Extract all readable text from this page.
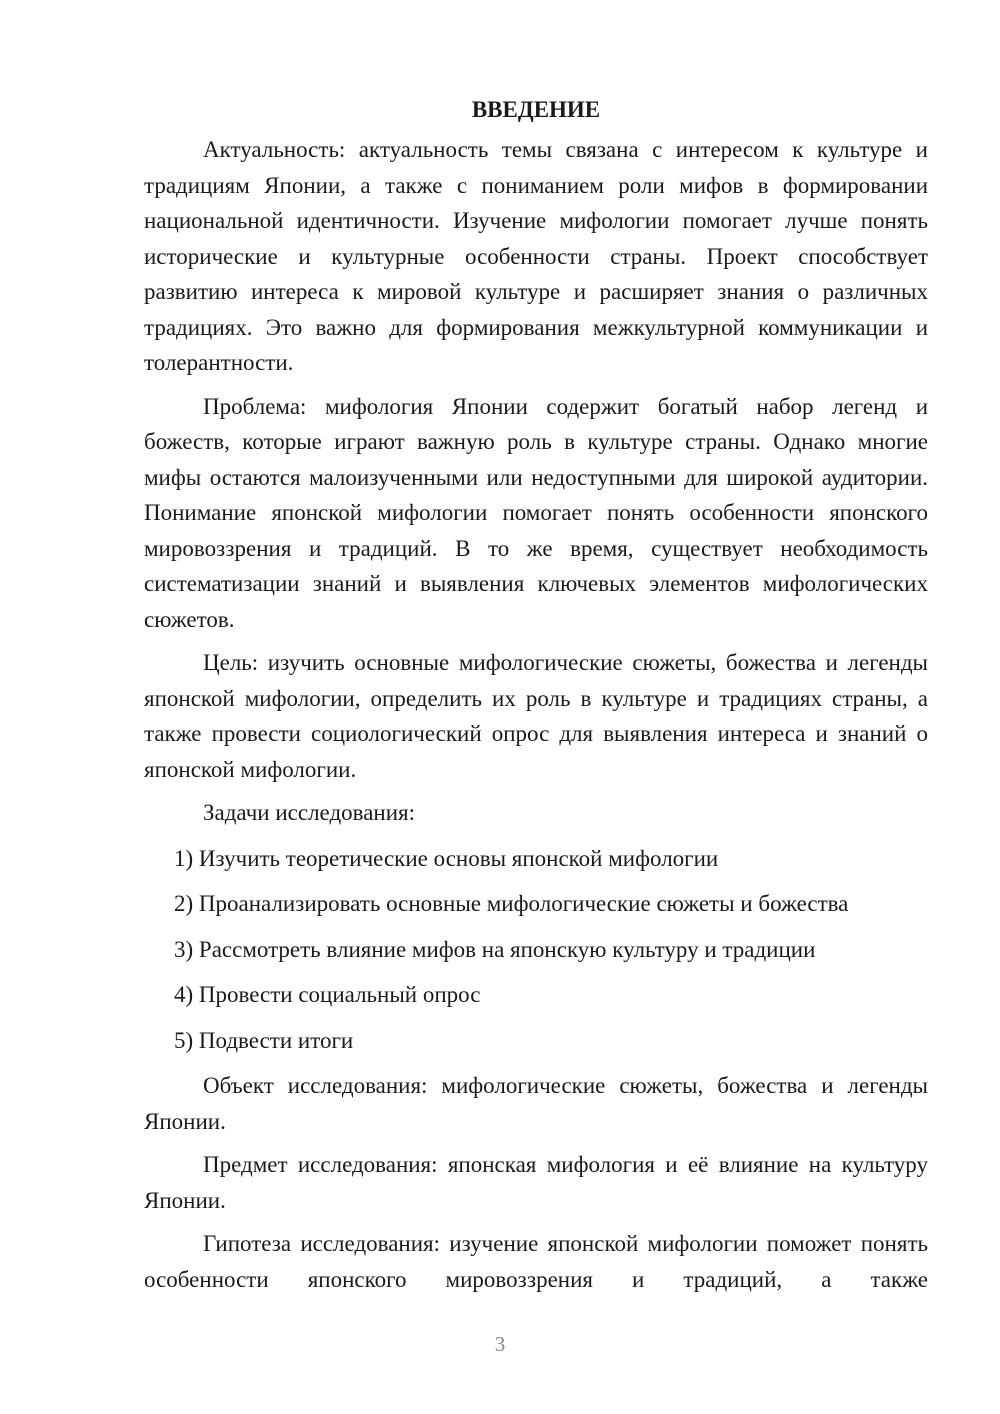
ВВЕДЕНИЕ

Актуальность: актуальность темы связана с интересом к культуре и традициям Японии, а также с пониманием роли мифов в формировании национальной идентичности. Изучение мифологии помогает лучше понять исторические и культурные особенности страны. Проект способствует развитию интереса к мировой культуре и расширяет знания о различных традициях. Это важно для формирования межкультурной коммуникации и толерантности.

Проблема: мифология Японии содержит богатый набор легенд и божеств, которые играют важную роль в культуре страны. Однако многие мифы остаются малоизученными или недоступными для широкой аудитории. Понимание японской мифологии помогает понять особенности японского мировоззрения и традиций. В то же время, существует необходимость систематизации знаний и выявления ключевых элементов мифологических сюжетов.

Цель: изучить основные мифологические сюжеты, божества и легенды японской мифологии, определить их роль в культуре и традициях страны, а также провести социологический опрос для выявления интереса и знаний о японской мифологии.

Задачи исследования:

1) Изучить теоретические основы японской мифологии
2) Проанализировать основные мифологические сюжеты и божества
3) Рассмотреть влияние мифов на японскую культуру и традиции
4) Провести социальный опрос
5) Подвести итоги

Объект исследования: мифологические сюжеты, божества и легенды Японии.

Предмет исследования: японская мифология и её влияние на культуру Японии.

Гипотеза исследования: изучение японской мифологии поможет понять особенности японского мировоззрения и традиций, а также

3
